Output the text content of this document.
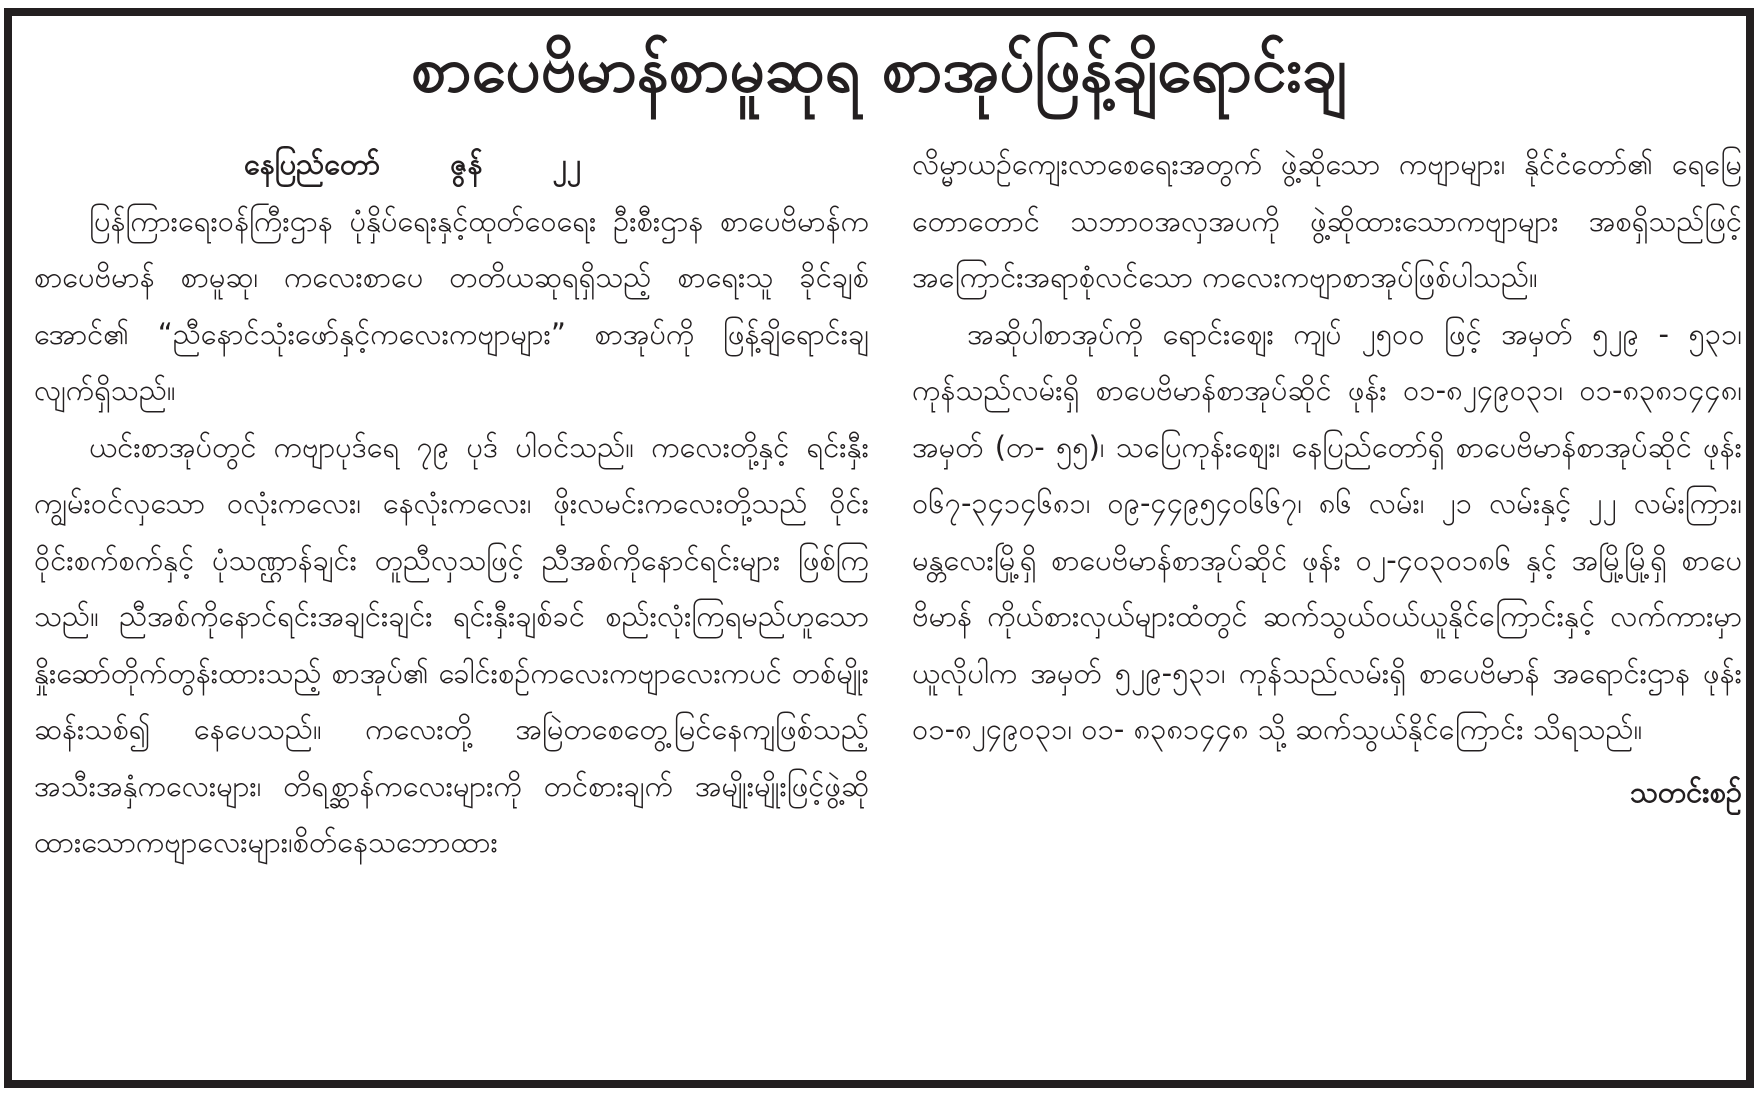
စာပေဗိမာန်စာမူဆုရ စာအုပ်ဖြန့်ချိရောင်းချ
နေပြည်တော် ဇွန် ၂၂

ပြန်ကြားရေးဝန်ကြီးဌာန ပုံနှိပ်ရေးနှင့်ထုတ်ဝေရေး ဦးစီးဌာန စာပေဗိမာန်က စာပေဗိမာန် စာမူဆု၊ ကလေးစာပေ တတိယဆုရရှိသည့် စာရေးသူ ခိုင်ချစ်အောင်၏ “ညီနောင်သုံးဖော်နှင့်ကလေးကဗျာများ” စာအုပ်ကို ဖြန့်ချိရောင်းချလျက်ရှိသည်။

ယင်းစာအုပ်တွင် ကဗျာပုဒ်ရေ ၇၉ ပုဒ် ပါဝင်သည်။ ကလေးတို့နှင့် ရင်းနှီးကျွမ်းဝင်လှသော ဝလုံးကလေး၊ နေလုံးကလေး၊ ဖိုးလမင်းကလေးတို့သည် ဝိုင်းဝိုင်းစက်စက်နှင့် ပုံသဏ္ဌာန်ချင်း တူညီလှသဖြင့် ညီအစ်ကိုနောင်ရင်းများ ဖြစ်ကြသည်။ ညီအစ်ကိုနောင်ရင်းအချင်းချင်း ရင်းနှီးချစ်ခင် စည်းလုံးကြရမည်ဟူသော နှိုးဆော်တိုက်တွန်းထားသည့် စာအုပ်၏ ခေါင်းစဉ်ကလေးကဗျာလေးကပင် တစ်မျိုးဆန်းသစ်၍ နေပေသည်။ ကလေးတို့ အမြဲတစေတွေ့မြင်နေကျဖြစ်သည့် အသီးအနှံကလေးများ၊ တိရစ္ဆာန်ကလေးများကို တင်စားချက် အမျိုးမျိုးဖြင့်ဖွဲ့ဆိုထားသောကဗျာလေးများ၊စိတ်နေသဘောထား

လိမ္မာယဉ်ကျေးလာစေရေးအတွက် ဖွဲ့ဆိုသော ကဗျာများ၊ နိုင်ငံတော်၏ ရေမြေတောတောင် သဘာဝအလှအပကို ဖွဲ့ဆိုထားသောကဗျာများ အစရှိသည်ဖြင့် အကြောင်းအရာစုံလင်သော ကလေးကဗျာစာအုပ်ဖြစ်ပါသည်။

အဆိုပါစာအုပ်ကို ရောင်းဈေး ကျပ် ၂၅၀၀ ဖြင့် အမှတ် ၅၂၉ - ၅၃၁၊ ကုန်သည်လမ်းရှိ စာပေဗိမာန်စာအုပ်ဆိုင် ဖုန်း ၀၁-၈၂၄၉၀၃၁၊ ၀၁-၈၃၈၁၄၄၈၊ အမှတ် (တ- ၅၅)၊ သပြေကုန်းဈေး၊ နေပြည်တော်ရှိ စာပေဗိမာန်စာအုပ်ဆိုင် ဖုန်း ၀၆၇-၃၄၁၄၆၈၁၊ ၀၉-၄၄၉၅၄၀၆၆၇၊ ၈၆ လမ်း၊ ၂၁ လမ်းနှင့် ၂၂ လမ်းကြား၊ မန္တလေးမြို့ရှိ စာပေဗိမာန်စာအုပ်ဆိုင် ဖုန်း ၀၂-၄၀၃၀၁၈၆ နှင့် အမြို့မြို့ရှိ စာပေဗိမာန် ကိုယ်စားလှယ်များထံတွင် ဆက်သွယ်ဝယ်ယူနိုင်ကြောင်းနှင့် လက်ကားမှာယူလိုပါက အမှတ် ၅၂၉-၅၃၁၊ ကုန်သည်လမ်းရှိ စာပေဗိမာန် အရောင်းဌာန ဖုန်း ၀၁-၈၂၄၉၀၃၁၊ ၀၁- ၈၃၈၁၄၄၈ သို့ ဆက်သွယ်နိုင်ကြောင်း သိရသည်။

သတင်းစဉ်
